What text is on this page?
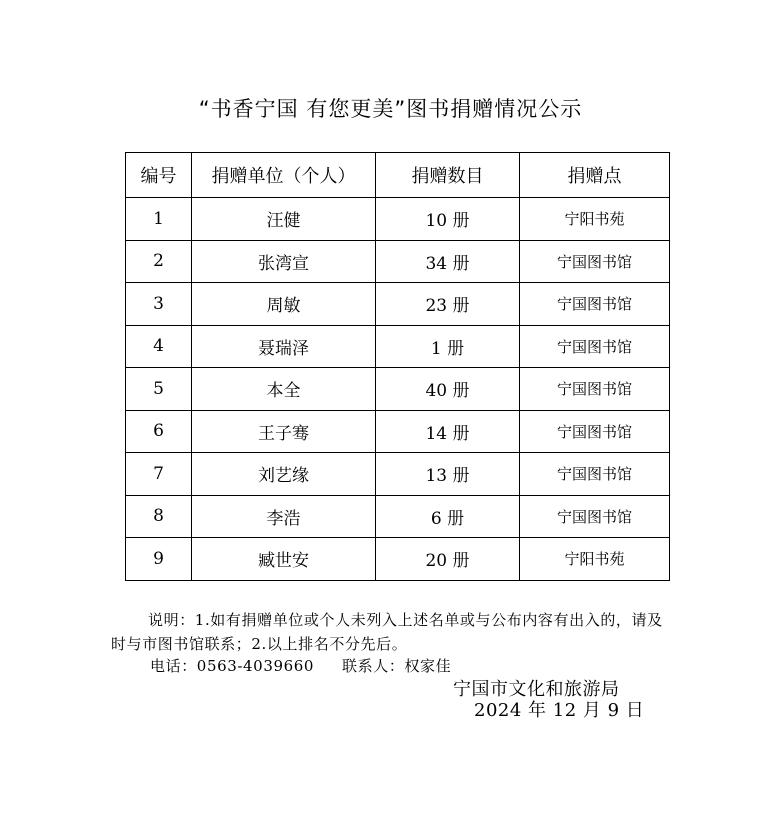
“书香宁国 有您更美”图书捐赠情况公示
编号	捐赠单位（个人）	捐赠数目	捐赠点
1	汪健	10 册	宁阳书苑
2	张湾宣	34 册	宁国图书馆
3	周敏	23 册	宁国图书馆
4	聂瑞泽	1 册	宁国图书馆
5	本全	40 册	宁国图书馆
6	王子骞	14 册	宁国图书馆
7	刘艺缘	13 册	宁国图书馆
8	李浩	6 册	宁国图书馆
9	臧世安	20 册	宁阳书苑
说明：1.如有捐赠单位或个人未列入上述名单或与公布内容有出入的，请及时与市图书馆联系；2.以上排名不分先后。
电话：0563-4039660 联系人：权家佳
宁国市文化和旅游局
2024 年 12 月 9 日
